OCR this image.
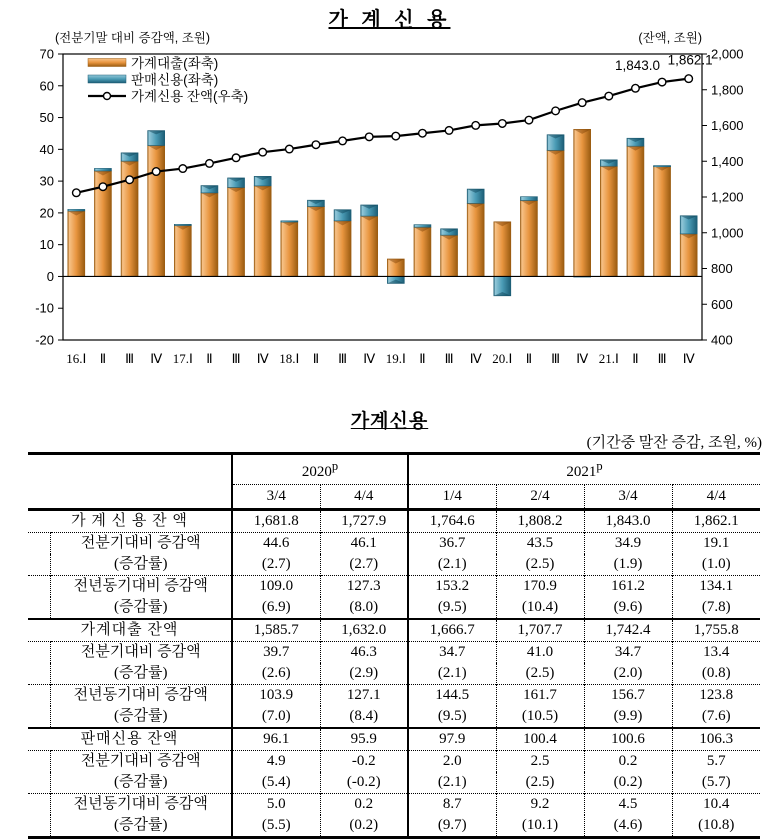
70
60
50
40
30
20
10
0
-10
-20
2,000
1,800
1,600
1,400
1,200
1,000
800
600
400
16.Ⅰ Ⅱ Ⅲ Ⅳ 17.Ⅰ Ⅱ Ⅲ Ⅳ 18.Ⅰ Ⅱ Ⅲ Ⅳ 19.Ⅰ Ⅱ Ⅲ Ⅳ 20.Ⅰ Ⅱ Ⅲ Ⅳ 21.Ⅰ Ⅱ Ⅲ Ⅳ
(전분기말 대비 증감액, 조원)	(잔액, 조원)
가계대출(좌축)
판매신용(좌축)
가계신용 잔액(우축)
1,843.0 1,862.1
가 계 신 용
가계신용
(기간중 말잔 증감, 조원, %)
		2020$^p$		2021$^p$
		3/4	4/4	1/4	2/4	3/4	4/4
가 계 신 용 잔 액		1,681.8	1,727.9	1,764.6	1,808.2	1,843.0	1,862.1
	전분기대비 증감액	44.6	46.1	36.7	43.5	34.9	19.1
	(증감률)	(2.7)	(2.7)	(2.1)	(2.5)	(1.9)	(1.0)
	전년동기대비 증감액	109.0	127.3	153.2	170.9	161.2	134.1
	(증감률)	(6.9)	(8.0)	(9.5)	(10.4)	(9.6)	(7.8)
가계대출 잔액		1,585.7	1,632.0	1,666.7	1,707.7	1,742.4	1,755.8
	전분기대비 증감액	39.7	46.3	34.7	41.0	34.7	13.4
	(증감률)	(2.6)	(2.9)	(2.1)	(2.5)	(2.0)	(0.8)
	전년동기대비 증감액	103.9	127.1	144.5	161.7	156.7	123.8
	(증감률)	(7.0)	(8.4)	(9.5)	(10.5)	(9.9)	(7.6)
판매신용 잔액		96.1	95.9	97.9	100.4	100.6	106.3
	전분기대비 증감액	4.9	-0.2	2.0	2.5	0.2	5.7
	(증감률)	(5.4)	(-0.2)	(2.1)	(2.5)	(0.2)	(5.7)
	전년동기대비 증감액	5.0	0.2	8.7	9.2	4.5	10.4
	(증감률)	(5.5)	(0.2)	(9.7)	(10.1)	(4.6)	(10.8)
